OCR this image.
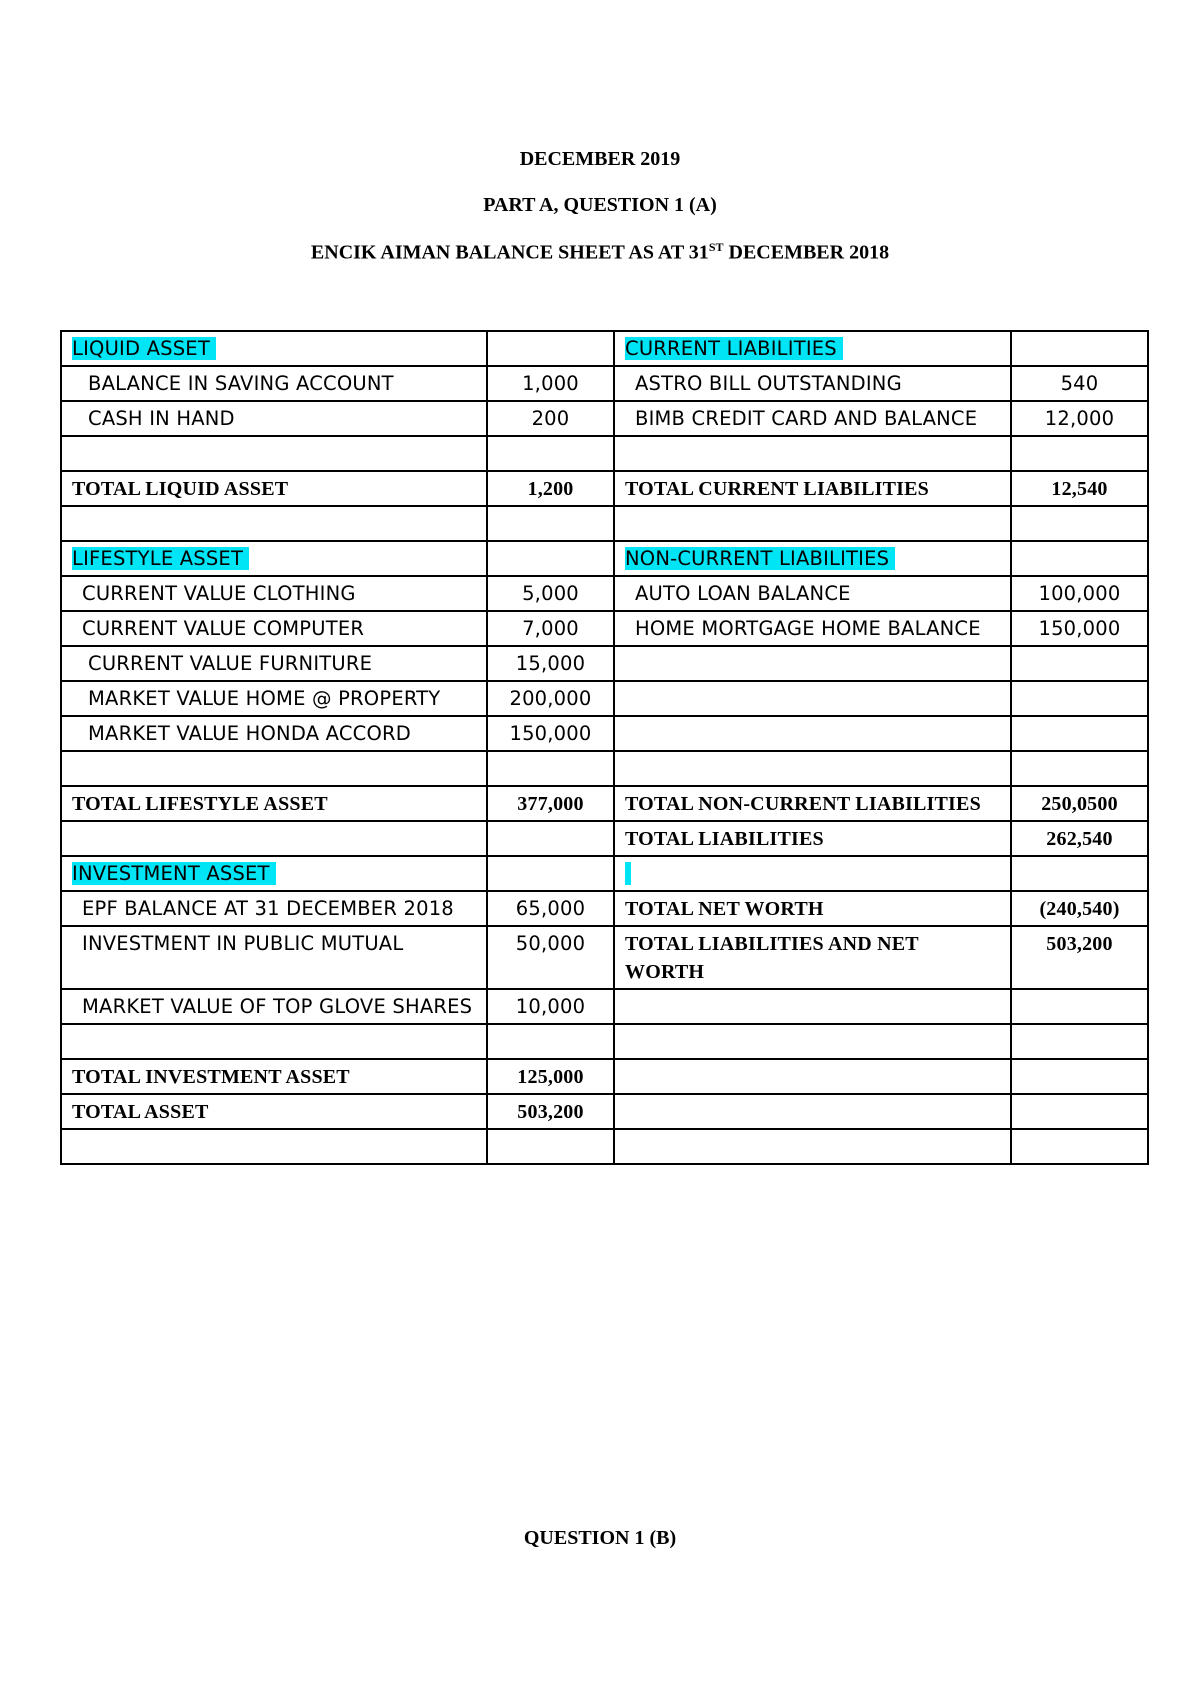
DECEMBER 2019
PART A, QUESTION 1 (A)
ENCIK AIMAN BALANCE SHEET AS AT 31ST DECEMBER 2018
LIQUID ASSET		CURRENT LIABILITIES	
BALANCE IN SAVING ACCOUNT	1,000	ASTRO BILL OUTSTANDING	540
CASH IN HAND	200	BIMB CREDIT CARD AND BALANCE	12,000

TOTAL LIQUID ASSET	1,200	TOTAL CURRENT LIABILITIES	12,540

LIFESTYLE ASSET		NON-CURRENT LIABILITIES	
CURRENT VALUE CLOTHING	5,000	AUTO LOAN BALANCE	100,000
CURRENT VALUE COMPUTER	7,000	HOME MORTGAGE HOME BALANCE	150,000
CURRENT VALUE FURNITURE	15,000		
MARKET VALUE HOME @ PROPERTY	200,000		
MARKET VALUE HONDA ACCORD	150,000		

TOTAL LIFESTYLE ASSET	377,000	TOTAL NON-CURRENT LIABILITIES	250,0500
		TOTAL LIABILITIES	262,540
INVESTMENT ASSET			
EPF BALANCE AT 31 DECEMBER 2018	65,000	TOTAL NET WORTH	(240,540)
INVESTMENT IN PUBLIC MUTUAL	50,000	TOTAL LIABILITIES AND NET WORTH	503,200
MARKET VALUE OF TOP GLOVE SHARES	10,000		

TOTAL INVESTMENT ASSET	125,000		
TOTAL ASSET	503,200		

QUESTION 1 (B)
